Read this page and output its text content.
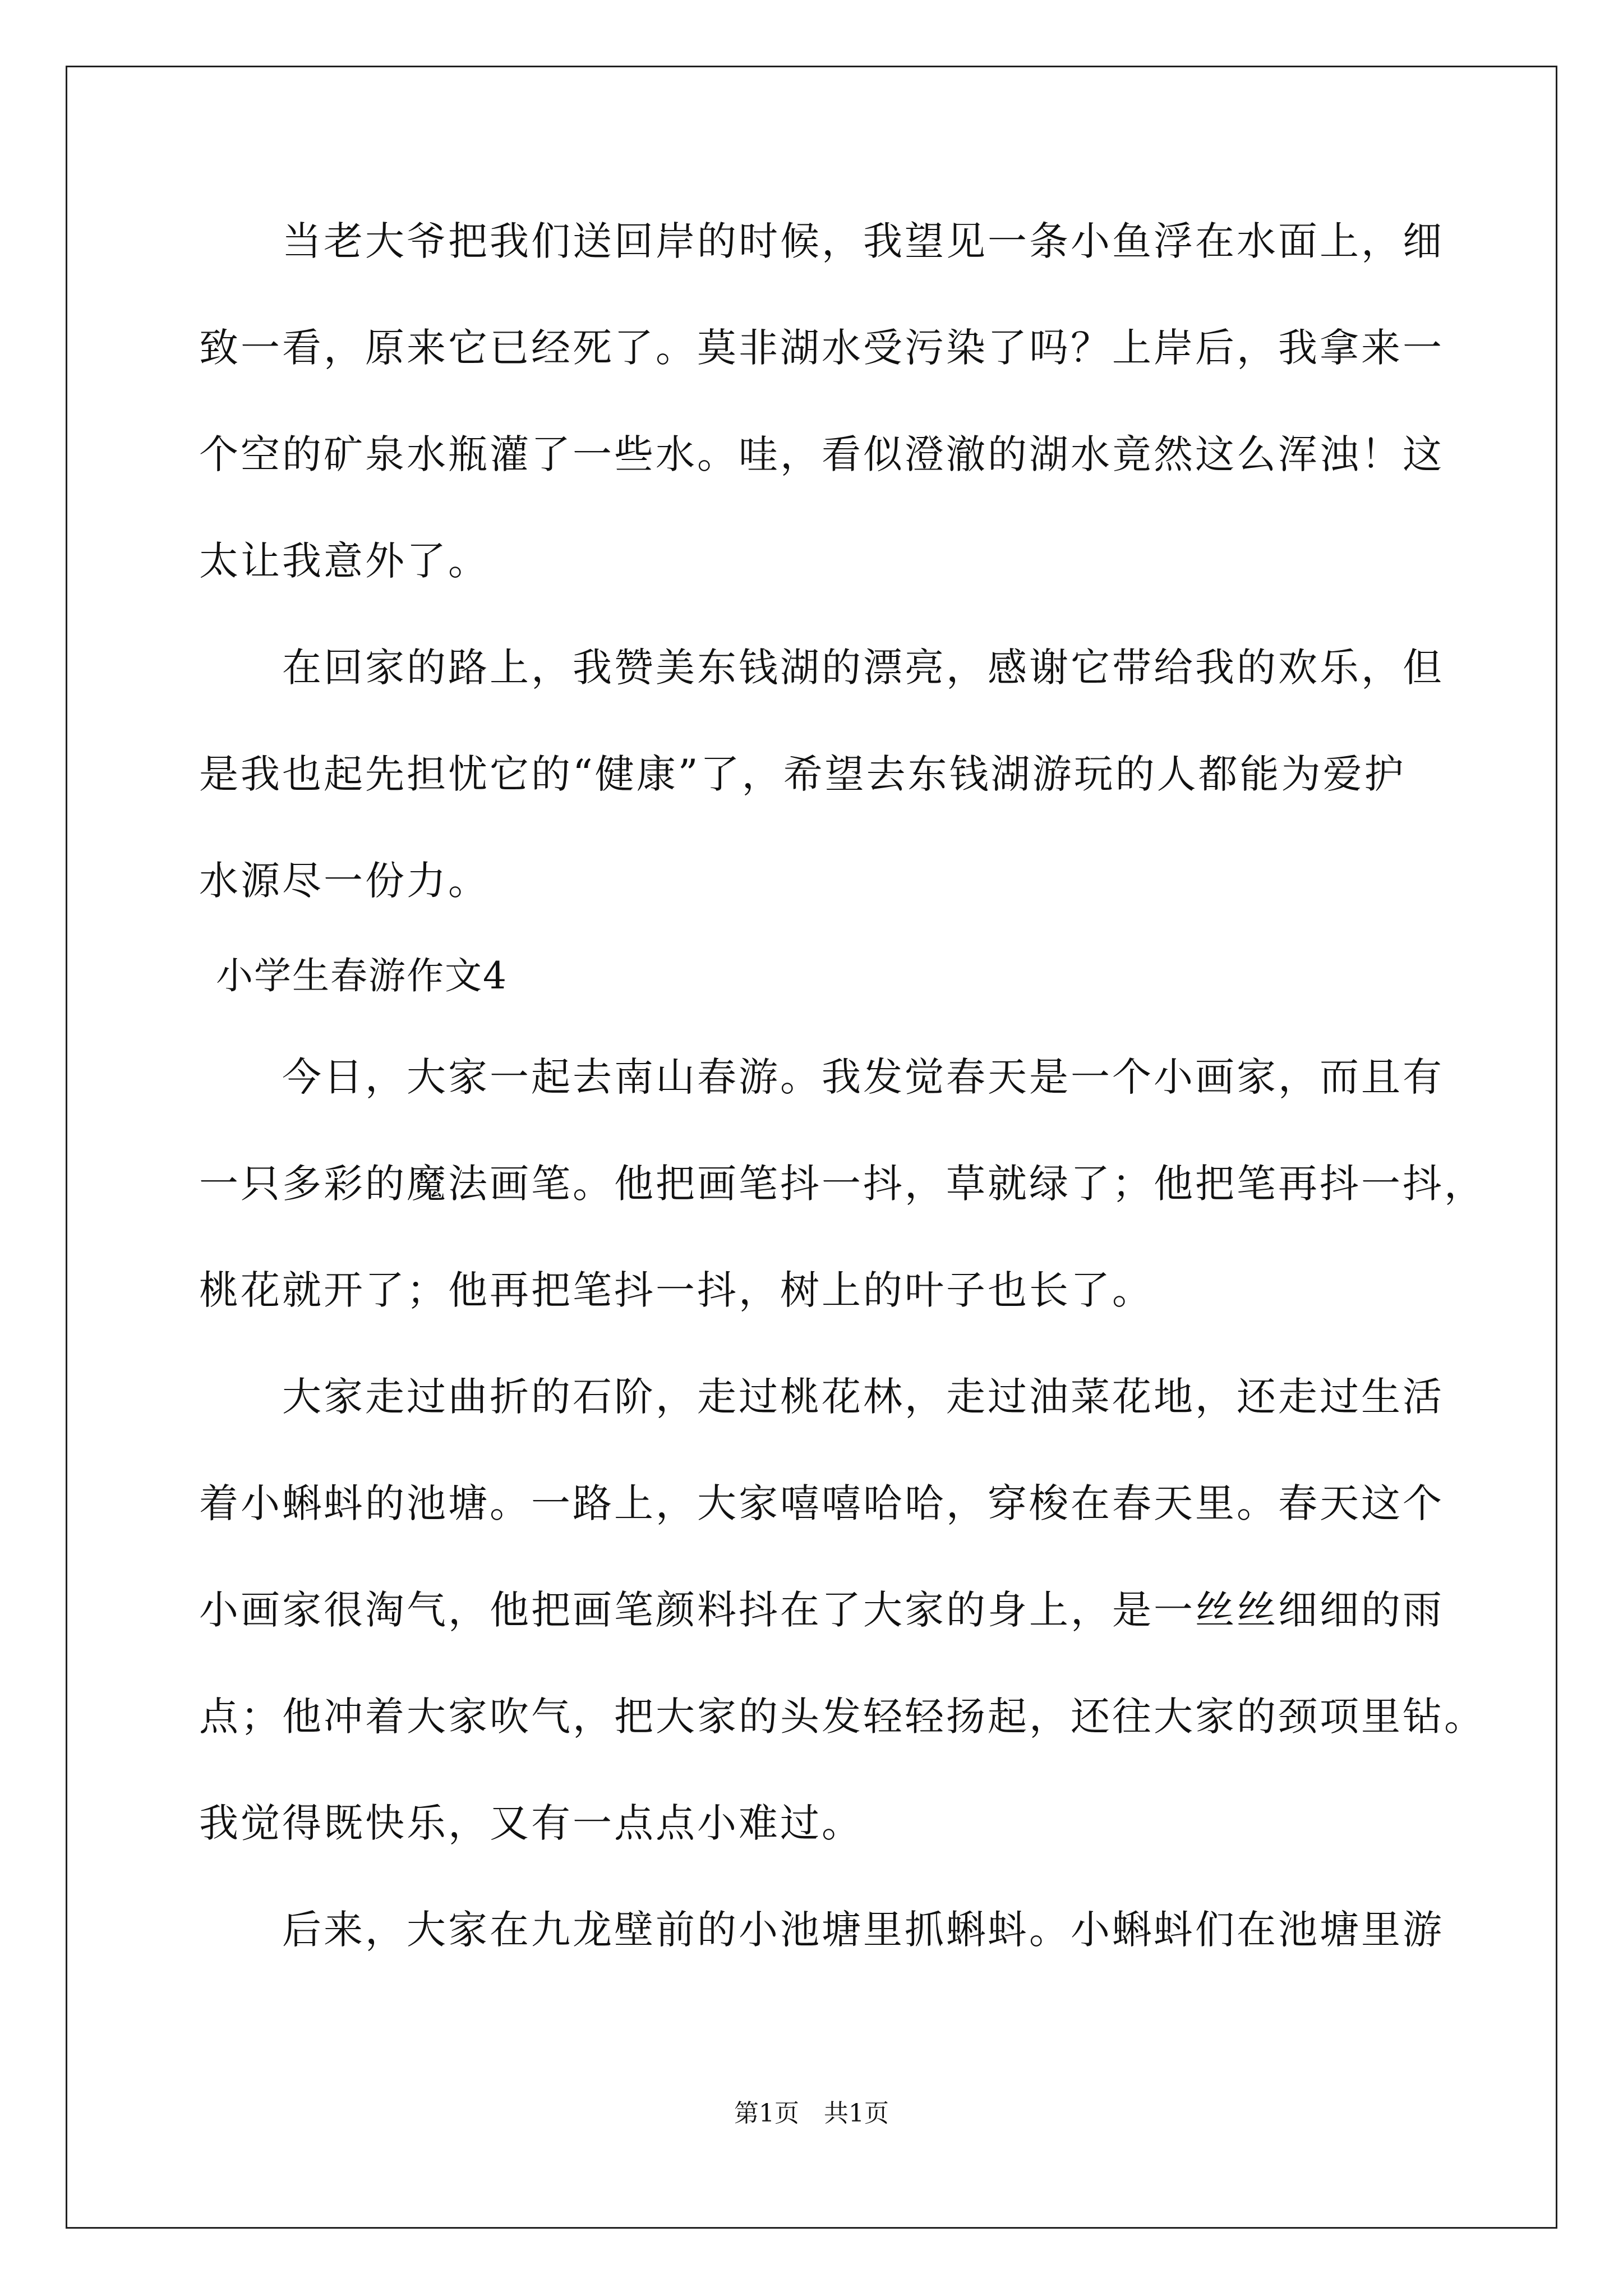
当老大爷把我们送回岸的时候，我望见一条小鱼浮在水面上，细
致一看，原来它已经死了。莫非湖水受污染了吗？上岸后，我拿来一
个空的矿泉水瓶灌了一些水。哇，看似澄澈的湖水竟然这么浑浊！这
太让我意外了。
在回家的路上，我赞美东钱湖的漂亮，感谢它带给我的欢乐，但
是我也起先担忧它的“健康”了，希望去东钱湖游玩的人都能为爱护
水源尽一份力。
小学生春游作文4
今日，大家一起去南山春游。我发觉春天是一个小画家，而且有
一只多彩的魔法画笔。他把画笔抖一抖，草就绿了；他把笔再抖一抖，
桃花就开了；他再把笔抖一抖，树上的叶子也长了。
大家走过曲折的石阶，走过桃花林，走过油菜花地，还走过生活
着小蝌蚪的池塘。一路上，大家嘻嘻哈哈，穿梭在春天里。春天这个
小画家很淘气，他把画笔颜料抖在了大家的身上，是一丝丝细细的雨
点；他冲着大家吹气，把大家的头发轻轻扬起，还往大家的颈项里钻。
我觉得既快乐，又有一点点小难过。
后来，大家在九龙壁前的小池塘里抓蝌蚪。小蝌蚪们在池塘里游
第1页　共1页
